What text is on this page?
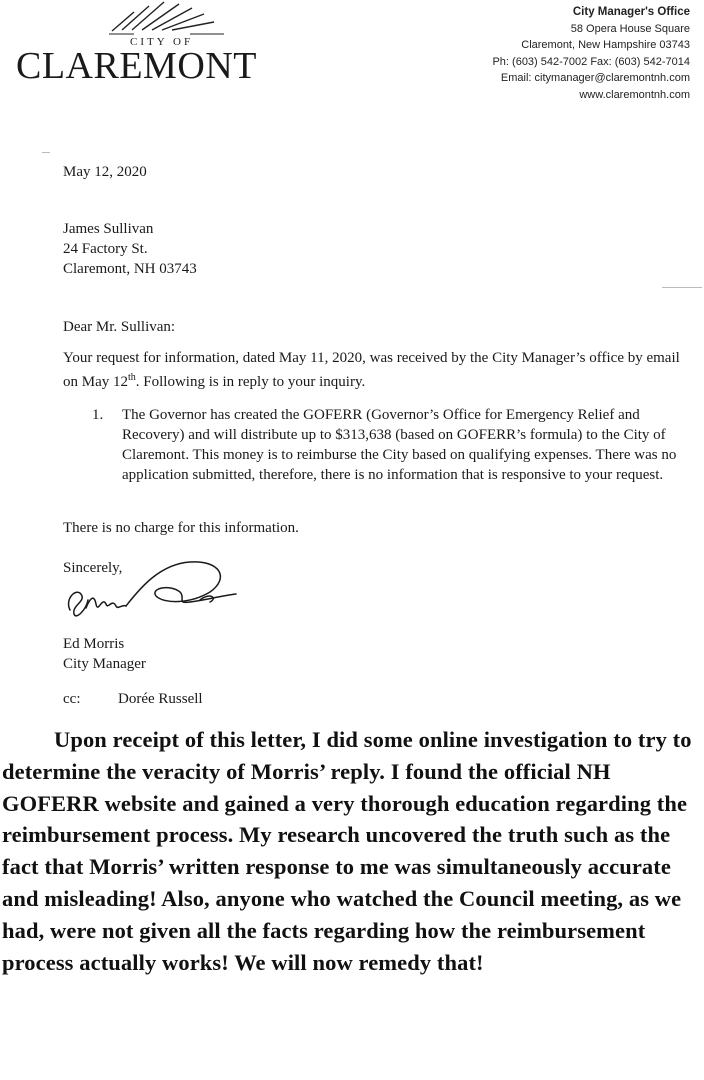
CITY OF
CLAREMONT
City Manager's Office
58 Opera House Square
Claremont, New Hampshire 03743
Ph: (603) 542-7002 Fax: (603) 542-7014
Email: citymanager@claremontnh.com
www.claremontnh.com
May 12, 2020
James Sullivan
24 Factory St.
Claremont, NH 03743
Dear Mr. Sullivan:
Your request for information, dated May 11, 2020, was received by the City Manager’s office by email on May 12th. Following is in reply to your inquiry.
1. The Governor has created the GOFERR (Governor’s Office for Emergency Relief and Recovery) and will distribute up to $313,638 (based on GOFERR’s formula) to the City of Claremont. This money is to reimburse the City based on qualifying expenses. There was no application submitted, therefore, there is no information that is responsive to your request.
There is no charge for this information.
Sincerely,
Ed Morris
City Manager
cc:	Dorée Russell
Upon receipt of this letter, I did some online investigation to try to determine the veracity of Morris’ reply. I found the official NH GOFERR website and gained a very thorough education regarding the reimbursement process. My research uncovered the truth such as the fact that Morris’ written response to me was simultaneously accurate and misleading! Also, anyone who watched the Council meeting, as we had, were not given all the facts regarding how the reimbursement process actually works! We will now remedy that!
